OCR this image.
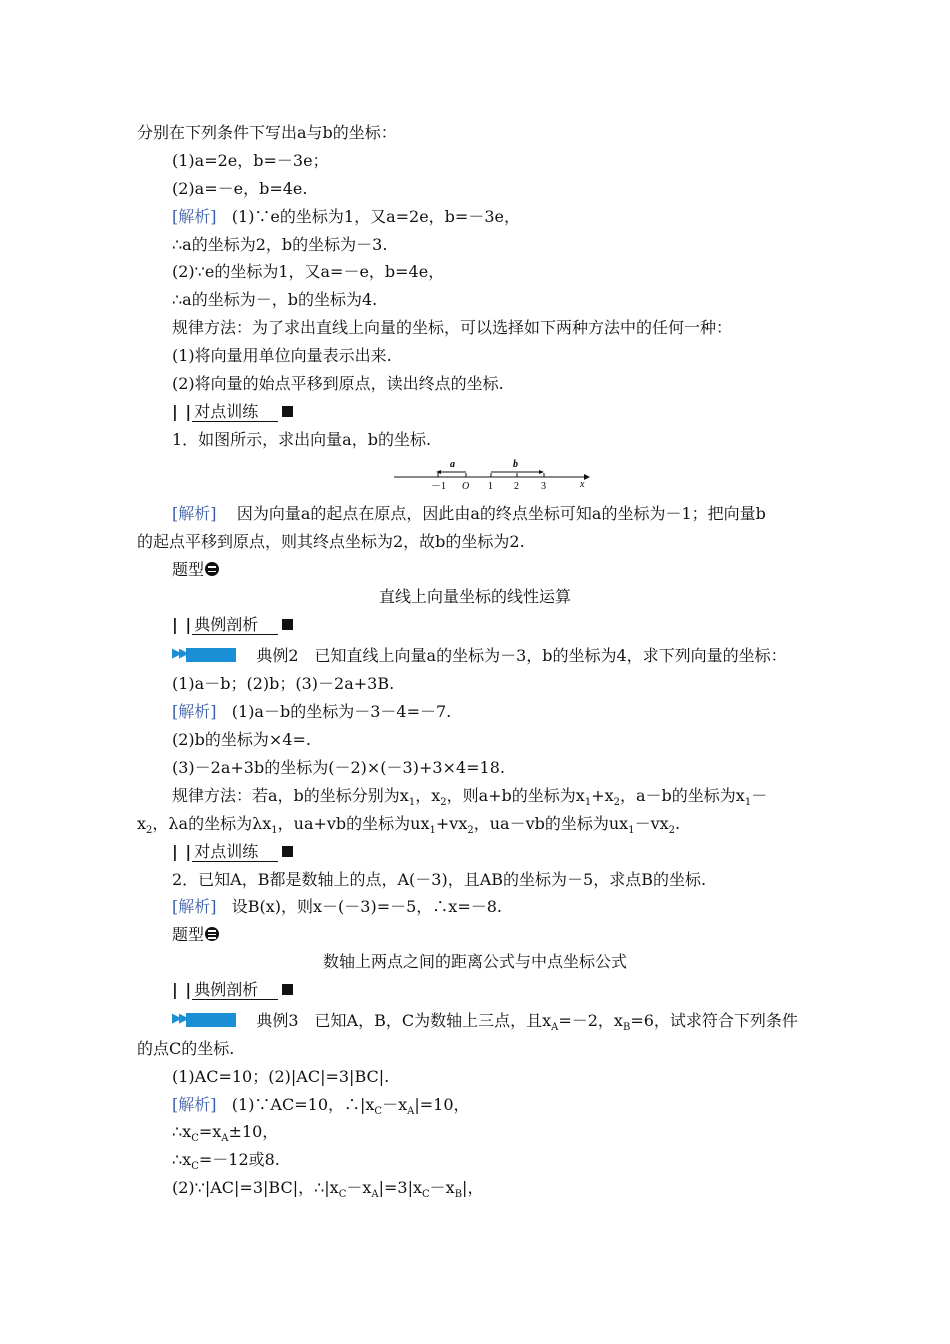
分别在下列条件下写出a与b的坐标：
(1)a=2e，b=－3e；
(2)a=－e，b=4e.
[解析] (1)∵e的坐标为1，又a=2e，b=－3e，
∴a的坐标为2，b的坐标为－3.
(2)∵e的坐标为1，又a=－e，b=4e，
∴a的坐标为－，b的坐标为4.
规律方法：为了求出直线上向量的坐标，可以选择如下两种方法中的任何一种：
(1)将向量用单位向量表示出来.
(2)将向量的始点平移到原点，读出终点的坐标.
| | 对点训练
1．如图所示，求出向量a，b的坐标.
a	b
－1 O 1 2 3	x
[解析] 因为向量a的起点在原点，因此由a的终点坐标可知a的坐标为－1；把向量b
的起点平移到原点，则其终点坐标为2，故b的坐标为2.
题型
直线上向量坐标的线性运算
| | 典例剖析
▶▶	典例2　已知直线上向量a的坐标为－3，b的坐标为4，求下列向量的坐标：
(1)a－b；(2)b；(3)－2a+3B.
[解析] (1)a－b的坐标为－3－4=－7.
(2)b的坐标为×4=.
(3)－2a+3b的坐标为(－2)×(－3)+3×4=18.
规律方法：若a，b的坐标分别为$x_1$，$x_2$，则a+b的坐标为$x_1+x_2$，a－b的坐标为$x_1-$
$x_2$，λa的坐标为$\lambda x_1$，ua+vb的坐标为$ux_1+vx_2$，ua－vb的坐标为$ux_1-vx_2$.
| | 对点训练
2．已知A，B都是数轴上的点，A(－3)，且AB的坐标为－5，求点B的坐标.
[解析] 设B(x)，则x－(－3)=－5，∴x=－8.
题型
数轴上两点之间的距离公式与中点坐标公式
| | 典例剖析
▶▶	典例3　已知A，B，C为数轴上三点，且$x_A=-2$，$x_B=6$，试求符合下列条件
的点C的坐标.
(1)AC=10；(2)|AC|=3|BC|.
[解析] (1)∵AC=10，$\therefore|x_C-x_A|=10$，
$\therefore x_C=x_A\pm 10$，
$\therefore x_C=-12$或8.
(2)∵|AC|=3|BC|，$\therefore|x_C-x_A|=3|x_C-x_B|$，
